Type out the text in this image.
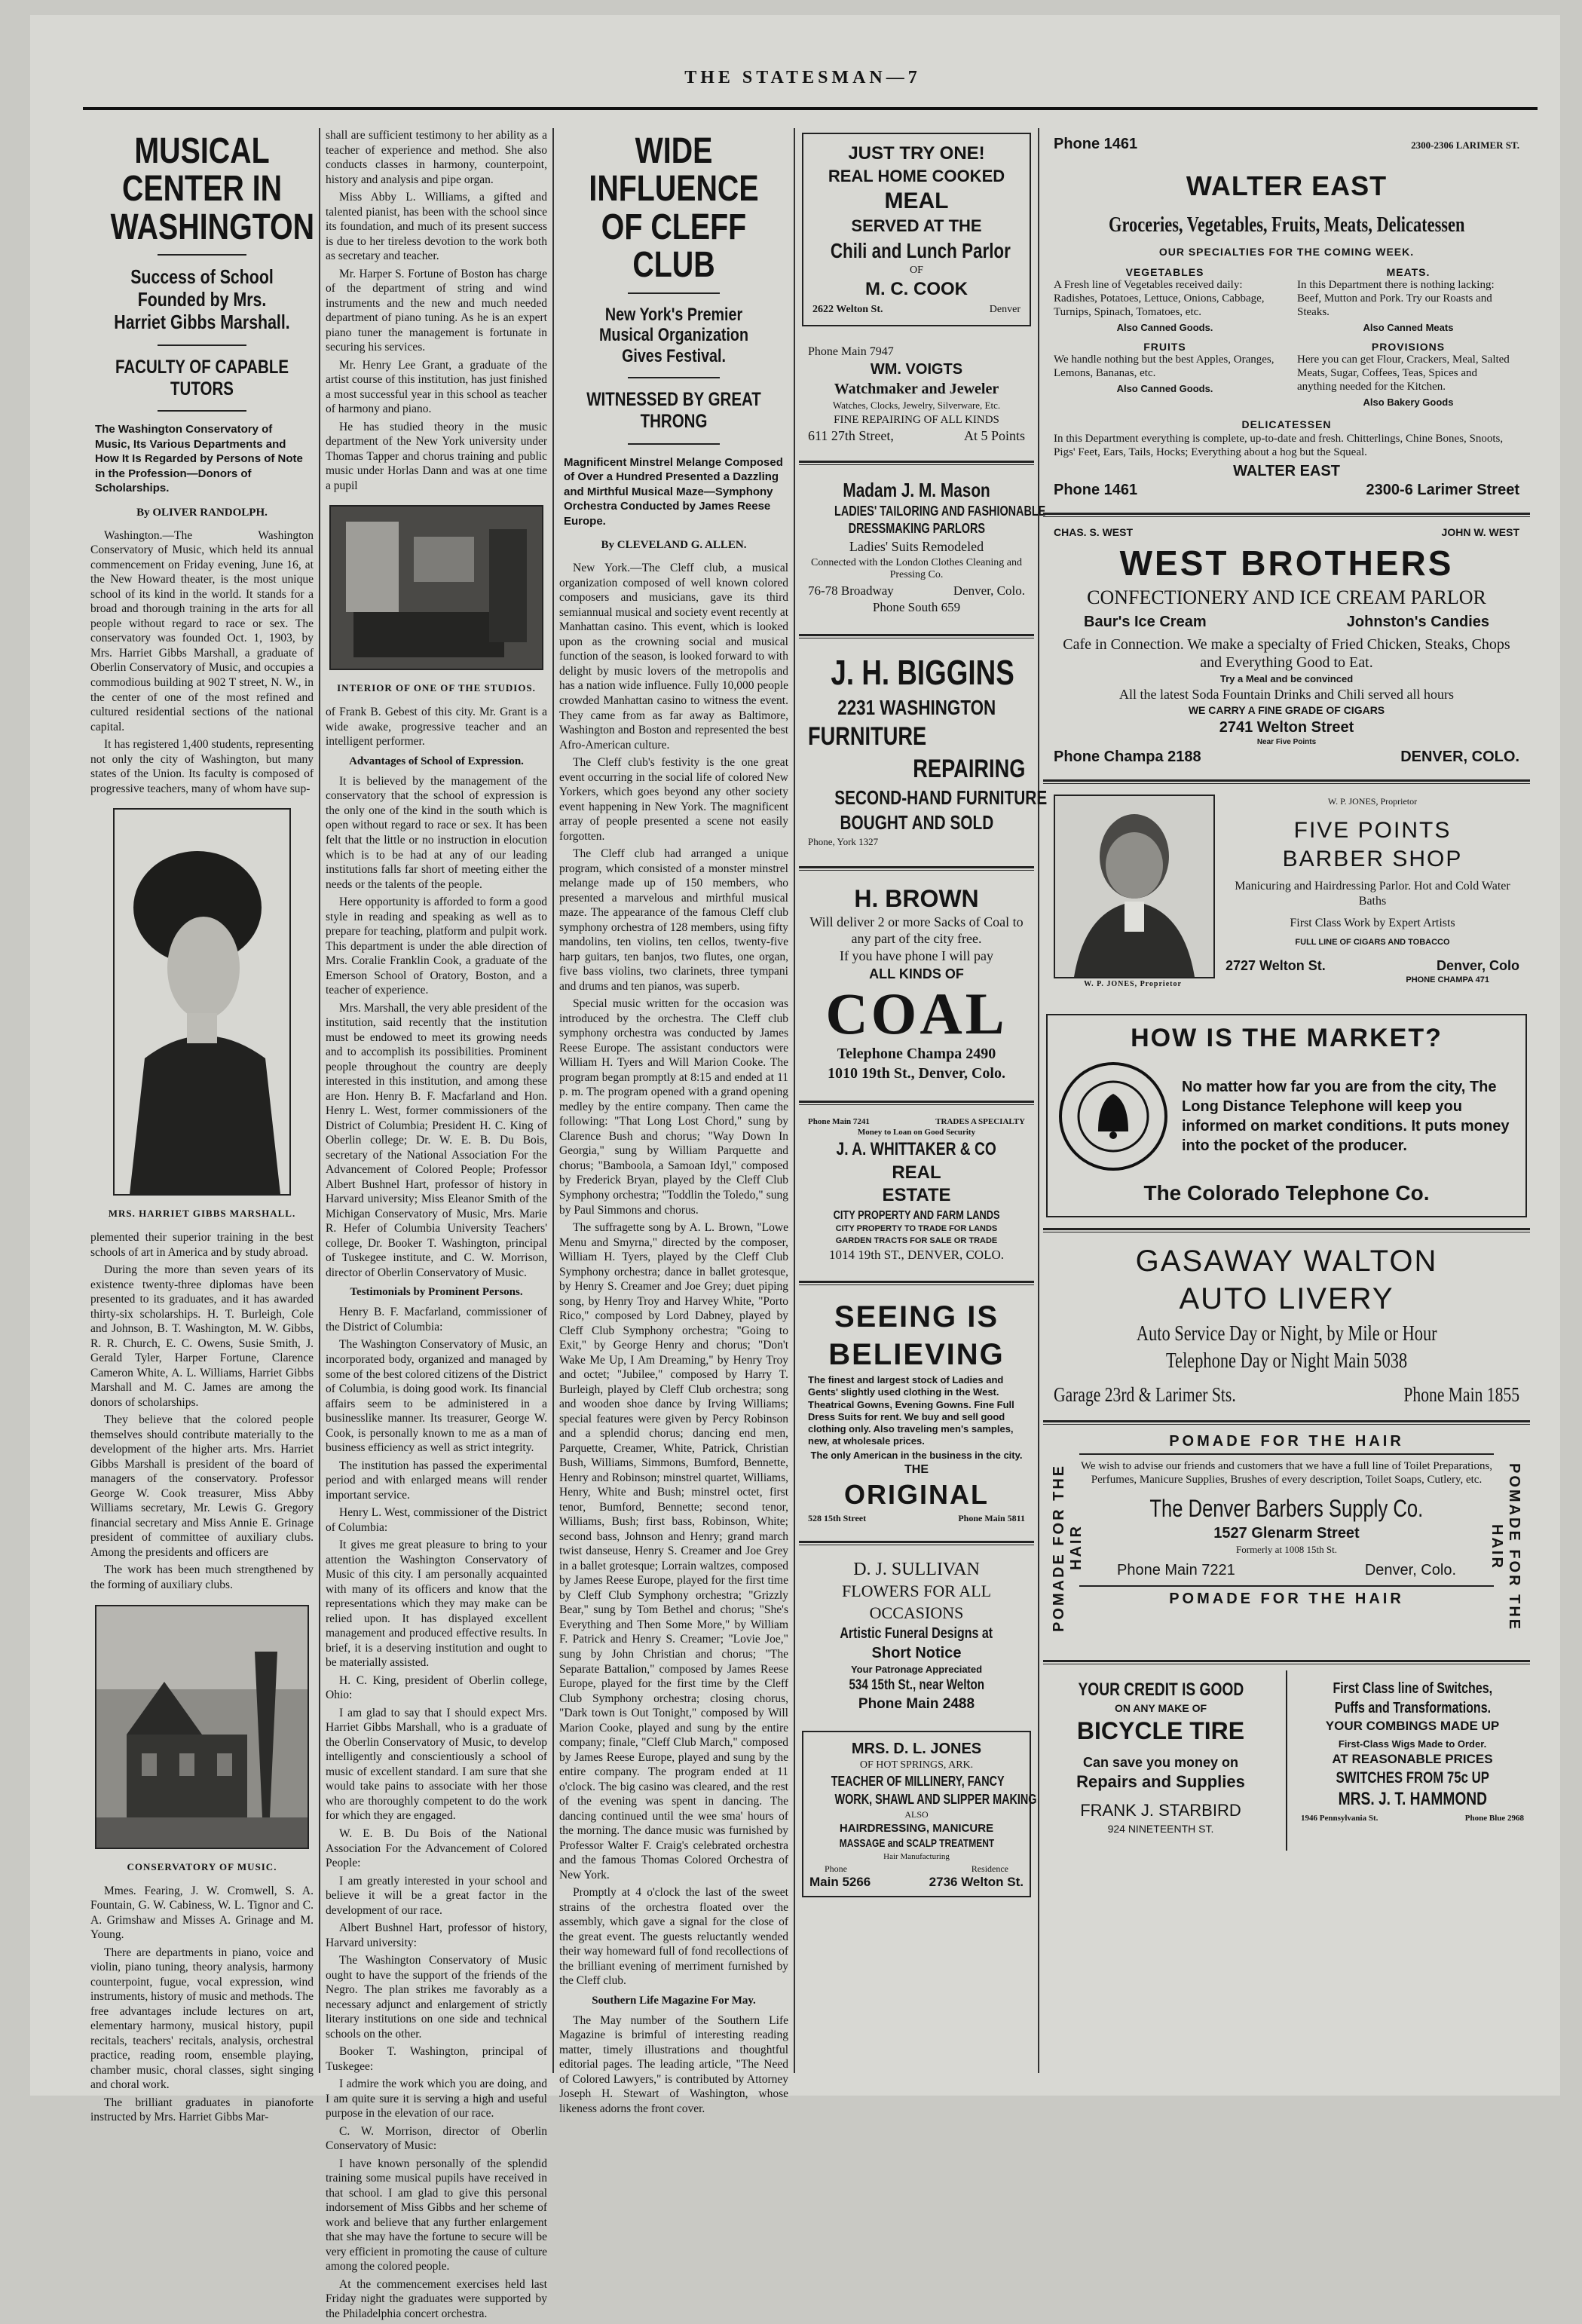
THE STATESMAN—7
MUSICAL CENTER IN WASHINGTON
Success of School Founded by Mrs. Harriet Gibbs Marshall.
FACULTY OF CAPABLE TUTORS
The Washington Conservatory of Music, Its Various Departments and How It Is Regarded by Persons of Note in the Profession—Donors of Scholarships.
By OLIVER RANDOLPH.

Washington.—The Washington Conservatory of Music, which held its annual commencement on Friday evening, June 16, at the New Howard theater, is the most unique school of its kind in the world. It stands for a broad and thorough training in the arts for all people without regard to race or sex. The conservatory was founded Oct. 1, 1903, by Mrs. Harriet Gibbs Marshall, a graduate of Oberlin Conservatory of Music, and occupies a commodious building at 902 T street, N. W., in the center of one of the most refined and cultured residential sections of the national capital.

It has registered 1,400 students, representing not only the city of Washington, but many states of the Union. Its faculty is composed of progressive teachers, many of whom have sup-

MRS. HARRIET GIBBS MARSHALL.

plemented their superior training in the best schools of art in America and by study abroad.

During the more than seven years of its existence twenty-three diplomas have been presented to its graduates, and it has awarded thirty-six scholarships. H. T. Burleigh, Cole and Johnson, B. T. Washington, M. W. Gibbs, R. R. Church, E. C. Owens, Susie Smith, J. Gerald Tyler, Harper Fortune, Clarence Cameron White, A. L. Williams, Harriet Gibbs Marshall and M. C. James are among the donors of scholarships.

They believe that the colored people themselves should contribute materially to the development of the higher arts. Mrs. Harriet Gibbs Marshall is president of the board of managers of the conservatory. Professor George W. Cook treasurer, Miss Abby Williams secretary, Mr. Lewis G. Gregory financial secretary and Miss Annie E. Grinage president of committee of auxiliary clubs. Among the presidents and officers are

The work has been much strengthened by the forming of auxiliary clubs.

CONSERVATORY OF MUSIC.

Mmes. Fearing, J. W. Cromwell, S. A. Fountain, G. W. Cabiness, W. L. Tignor and C. A. Grimshaw and Misses A. Grinage and M. Young.

There are departments in piano, voice and violin, piano tuning, theory analysis, harmony counterpoint, fugue, vocal expression, wind instruments, history of music and methods. The free advantages include lectures on art, elementary harmony, musical history, pupil recitals, teachers' recitals, analysis, orchestral practice, reading room, ensemble playing, chamber music, choral classes, sight singing and choral work.

The brilliant graduates in pianoforte instructed by Mrs. Harriet Gibbs Mar-

shall are sufficient testimony to her ability as a teacher of experience and method. She also conducts classes in harmony, counterpoint, history and analysis and pipe organ.

Miss Abby L. Williams, a gifted and talented pianist, has been with the school since its foundation, and much of its present success is due to her tireless devotion to the work both as secretary and teacher.

Mr. Harper S. Fortune of Boston has charge of the department of string and wind instruments and the new and much needed department of piano tuning. As he is an expert piano tuner the management is fortunate in securing his services.

Mr. Henry Lee Grant, a graduate of the artist course of this institution, has just finished a most successful year in this school as teacher of harmony and piano.

He has studied theory in the music department of the New York university under Thomas Tapper and chorus training and public music under Horlas Dann and was at one time a pupil

INTERIOR OF ONE OF THE STUDIOS.

of Frank B. Gebest of this city. Mr. Grant is a wide awake, progressive teacher and an intelligent performer.

Advantages of School of Expression.

It is believed by the management of the conservatory that the school of expression is the only one of the kind in the south which is open without regard to race or sex. It has been felt that the little or no instruction in elocution which is to be had at any of our leading institutions falls far short of meeting either the needs or the talents of the people.

Here opportunity is afforded to form a good style in reading and speaking as well as to prepare for teaching, platform and pulpit work. This department is under the able direction of Mrs. Coralie Franklin Cook, a graduate of the Emerson School of Oratory, Boston, and a teacher of experience.

Mrs. Marshall, the very able president of the institution, said recently that the institution must be endowed to meet its growing needs and to accomplish its possibilities. Prominent people throughout the country are deeply interested in this institution, and among these are Hon. Henry B. F. Macfarland and Hon. Henry L. West, former commissioners of the District of Columbia; President H. C. King of Oberlin college; Dr. W. E. B. Du Bois, secretary of the National Association For the Advancement of Colored People; Professor Albert Bushnel Hart, professor of history in Harvard university; Miss Eleanor Smith of the Michigan Conservatory of Music, Mrs. Marie R. Hefer of Columbia University Teachers' college, Dr. Booker T. Washington, principal of Tuskegee institute, and C. W. Morrison, director of Oberlin Conservatory of Music.

Testimonials by Prominent Persons.

Henry B. F. Macfarland, commissioner of the District of Columbia:

The Washington Conservatory of Music, an incorporated body, organized and managed by some of the best colored citizens of the District of Columbia, is doing good work. Its financial affairs seem to be administered in a businesslike manner. Its treasurer, George W. Cook, is personally known to me as a man of business efficiency as well as strict integrity.

The institution has passed the experimental period and with enlarged means will render important service.

Henry L. West, commissioner of the District of Columbia:

It gives me great pleasure to bring to your attention the Washington Conservatory of Music of this city. I am personally acquainted with many of its officers and know that the representations which they may make can be relied upon. It has displayed excellent management and produced effective results. In brief, it is a deserving institution and ought to be materially assisted.

H. C. King, president of Oberlin college, Ohio:

I am glad to say that I should expect Mrs. Harriet Gibbs Marshall, who is a graduate of the Oberlin Conservatory of Music, to develop intelligently and conscientiously a school of music of excellent standard. I am sure that she would take pains to associate with her those who are thoroughly competent to do the work for which they are engaged.

W. E. B. Du Bois of the National Association For the Advancement of Colored People:

I am greatly interested in your school and believe it will be a great factor in the development of our race.

Albert Bushnel Hart, professor of history, Harvard university:

The Washington Conservatory of Music ought to have the support of the friends of the Negro. The plan strikes me favorably as a necessary adjunct and enlargement of strictly literary institutions on one side and technical schools on the other.

Booker T. Washington, principal of Tuskegee:

I admire the work which you are doing, and I am quite sure it is serving a high and useful purpose in the elevation of our race.

C. W. Morrison, director of Oberlin Conservatory of Music:

I have known personally of the splendid training some musical pupils have received in that school. I am glad to give this personal indorsement of Miss Gibbs and her scheme of work and believe that any further enlargement that she may have the fortune to secure will be very efficient in promoting the cause of culture among the colored people.

At the commencement exercises held last Friday night the graduates were supported by the Philadelphia concert orchestra.

WIDE INFLUENCE OF CLEFF CLUB
New York's Premier Musical Organization Gives Festival.
WITNESSED BY GREAT THRONG
Magnificent Minstrel Melange Composed of Over a Hundred Presented a Dazzling and Mirthful Musical Maze—Symphony Orchestra Conducted by James Reese Europe.
By CLEVELAND G. ALLEN.

New York.—The Cleff club, a musical organization composed of well known colored composers and musicians, gave its third semiannual musical and society event recently at Manhattan casino. This event, which is looked upon as the crowning social and musical function of the season, is looked forward to with delight by music lovers of the metropolis and has a nation wide influence. Fully 10,000 people crowded Manhattan casino to witness the event. They came from as far away as Baltimore, Washington and Boston and represented the best Afro-American culture.

The Cleff club's festivity is the one great event occurring in the social life of colored New Yorkers, which goes beyond any other society event happening in New York. The magnificent array of people presented a scene not easily forgotten.

The Cleff club had arranged a unique program, which consisted of a monster minstrel melange made up of 150 members, who presented a marvelous and mirthful musical maze. The appearance of the famous Cleff club symphony orchestra of 128 members, using fifty mandolins, ten violins, ten cellos, twenty-five harp guitars, ten banjos, two flutes, one organ, five bass violins, two clarinets, three tympani and drums and ten pianos, was superb.

Special music written for the occasion was introduced by the orchestra. The Cleff club symphony orchestra was conducted by James Reese Europe. The assistant conductors were William H. Tyers and Will Marion Cooke. The program began promptly at 8:15 and ended at 11 p. m. The program opened with a grand opening medley by the entire company. Then came the following: "That Long Lost Chord," sung by Clarence Bush and chorus; "Way Down In Georgia," sung by William Parquette and chorus; "Bamboola, a Samoan Idyl," composed by Frederick Bryan, played by the Cleff Club Symphony orchestra; "Toddlin the Toledo," sung by Paul Simmons and chorus.

The suffragette song by A. L. Brown, "Lowe Menu and Smyrna," directed by the composer, William H. Tyers, played by the Cleff Club Symphony orchestra; dance in ballet grotesque, by Henry S. Creamer and Joe Grey; duet piping song, by Henry Troy and Harvey White, "Porto Rico," composed by Lord Dabney, played by Cleff Club Symphony orchestra; "Going to Exit," by George Henry and chorus; "Don't Wake Me Up, I Am Dreaming," by Henry Troy and octet; "Jubilee," composed by Harry T. Burleigh, played by Cleff Club orchestra; song and wooden shoe dance by Irving Williams; special features were given by Percy Robinson and a splendid chorus; dancing end men, Parquette, Creamer, White, Patrick, Christian Bush, Williams, Simmons, Bumford, Bennette, Henry and Robinson; minstrel quartet, Williams, Henry, White and Bush; minstrel octet, first tenor, Bumford, Bennette; second tenor, Williams, Bush; first bass, Robinson, White; second bass, Johnson and Henry; grand march twist danseuse, Henry S. Creamer and Joe Grey in a ballet grotesque; Lorrain waltzes, composed by James Reese Europe, played for the first time by Cleff Club Symphony orchestra; "Grizzly Bear," sung by Tom Bethel and chorus; "She's Everything and Then Some More," by William F. Patrick and Henry S. Creamer; "Lovie Joe," sung by John Christian and chorus; "The Separate Battalion," composed by James Reese Europe, played for the first time by the Cleff Club Symphony orchestra; closing chorus, "Dark town is Out Tonight," composed by Will Marion Cooke, played and sung by the entire company; finale, "Cleff Club March," composed by James Reese Europe, played and sung by the entire company. The program ended at 11 o'clock. The big casino was cleared, and the rest of the evening was spent in dancing. The dancing continued until the wee sma' hours of the morning. The dance music was furnished by Professor Walter F. Craig's celebrated orchestra and the famous Thomas Colored Orchestra of New York.

Promptly at 4 o'clock the last of the sweet strains of the orchestra floated over the assembly, which gave a signal for the close of the great event. The guests reluctantly wended their way homeward full of fond recollections of the brilliant evening of merriment furnished by the Cleff club.

Southern Life Magazine For May.

The May number of the Southern Life Magazine is brimful of interesting reading matter, timely illustrations and thoughtful editorial pages. The leading article, "The Need of Colored Lawyers," is contributed by Attorney Joseph H. Stewart of Washington, whose likeness adorns the front cover.

JUST TRY ONE!
REAL HOME COOKED
MEAL
SERVED AT THE
Chili and Lunch Parlor
OF
M. C. COOK
2622 Welton St.	Denver
Phone Main 7947
WM. VOIGTS
Watchmaker and Jeweler
Watches, Clocks, Jewelry, Silverware, Etc.
FINE REPAIRING OF ALL KINDS
611 27th Street,	At 5 Points
Madam J. M. Mason
LADIES' TAILORING AND FASHIONABLE
DRESSMAKING PARLORS
Ladies' Suits Remodeled
Connected with the London Clothes Cleaning and Pressing Co.
76-78 Broadway	Denver, Colo.
Phone South 659
J. H. BIGGINS
2231 WASHINGTON
FURNITURE
REPAIRING
SECOND-HAND FURNITURE
BOUGHT AND SOLD
Phone, York 1327
H. BROWN
Will deliver 2 or more Sacks of Coal to any part of the city free.
If you have phone I will pay
ALL KINDS OF
COAL
Telephone Champa 2490
1010 19th St., Denver, Colo.
Phone Main 7241	TRADES A SPECIALTY
Money to Loan on Good Security
J. A. WHITTAKER & CO
REAL
ESTATE
CITY PROPERTY AND FARM LANDS
CITY PROPERTY TO TRADE FOR LANDS
GARDEN TRACTS FOR SALE OR TRADE
1014 19th ST., DENVER, COLO.
SEEING IS
BELIEVING
The finest and largest stock of Ladies and Gents' slightly used clothing in the West. Theatrical Gowns, Evening Gowns. Fine Full Dress Suits for rent. We buy and sell good clothing only. Also traveling men's samples, new, at wholesale prices.
The only American in the business in the city.
THE
ORIGINAL
528 15th Street	Phone Main 5811
D. J. SULLIVAN
FLOWERS FOR ALL
OCCASIONS
Artistic Funeral Designs at
Short Notice
Your Patronage Appreciated
534 15th St., near Welton
Phone Main 2488
MRS. D. L. JONES
OF HOT SPRINGS, ARK.
TEACHER OF MILLINERY, FANCY
WORK, SHAWL AND SLIPPER MAKING
ALSO
HAIRDRESSING, MANICURE
MASSAGE and SCALP TREATMENT
Hair Manufacturing
Phone	Residence
Main 5266	2736 Welton St.
Phone 1461	2300-2306 LARIMER ST.
WALTER EAST
Groceries, Vegetables, Fruits, Meats, Delicatessen
OUR SPECIALTIES FOR THE COMING WEEK.
VEGETABLES
A Fresh line of Vegetables received daily: Radishes, Potatoes, Lettuce, Onions, Cabbage, Turnips, Spinach, Tomatoes, etc.
Also Canned Goods.
MEATS.
In this Department there is nothing lacking: Beef, Mutton and Pork. Try our Roasts and Steaks.
Also Canned Meats
FRUITS
We handle nothing but the best Apples, Oranges, Lemons, Bananas, etc.
Also Canned Goods.
PROVISIONS
Here you can get Flour, Crackers, Meal, Salted Meats, Sugar, Coffees, Teas, Spices and anything needed for the Kitchen.
Also Bakery Goods
DELICATESSEN
In this Department everything is complete, up-to-date and fresh. Chitterlings, Chine Bones, Snoots, Pigs' Feet, Ears, Tails, Hocks; Everything about a hog but the Squeal.
WALTER EAST
Phone 1461	2300-6 Larimer Street
CHAS. S. WEST	JOHN W. WEST
WEST BROTHERS
CONFECTIONERY AND ICE CREAM PARLOR
Baur's Ice Cream	Johnston's Candies
Cafe in Connection. We make a specialty of Fried Chicken, Steaks, Chops and Everything Good to Eat.
Try a Meal and be convinced
All the latest Soda Fountain Drinks and Chili served all hours
WE CARRY A FINE GRADE OF CIGARS
2741 Welton Street
Near Five Points
Phone Champa 2188	DENVER, COLO.
W. P. JONES, Proprietor
W. P. JONES, Proprietor
FIVE POINTS
BARBER SHOP
Manicuring and Hairdressing Parlor. Hot and Cold Water Baths
First Class Work by Expert Artists
FULL LINE OF CIGARS AND TOBACCO
2727 Welton St.	Denver, Colo
PHONE CHAMPA 471
HOW IS THE MARKET?
No matter how far you are from the city, The Long Distance Telephone will keep you informed on market conditions. It puts money into the pocket of the producer.
The Colorado Telephone Co.
GASAWAY WALTON
AUTO LIVERY
Auto Service Day or Night, by Mile or Hour
Telephone Day or Night Main 5038
Garage 23rd & Larimer Sts.	Phone Main 1855
POMADE FOR THE HAIR	POMADE FOR THE HAIR
POMADE FOR THE HAIR
We wish to advise our friends and customers that we have a full line of Toilet Preparations, Perfumes, Manicure Supplies, Brushes of every description, Toilet Soaps, Cutlery, etc.
The Denver Barbers Supply Co.
1527 Glenarm Street
Formerly at 1008 15th St.
Phone Main 7221	Denver, Colo.
POMADE FOR THE HAIR
YOUR CREDIT IS GOOD
ON ANY MAKE OF
BICYCLE TIRE
Can save you money on
Repairs and Supplies
FRANK J. STARBIRD
924 NINETEENTH ST.
First Class line of Switches,
Puffs and Transformations.
YOUR COMBINGS MADE UP
First-Class Wigs Made to Order.
AT REASONABLE PRICES
SWITCHES FROM 75c UP
MRS. J. T. HAMMOND
1946 Pennsylvania St.	Phone Blue 2968
